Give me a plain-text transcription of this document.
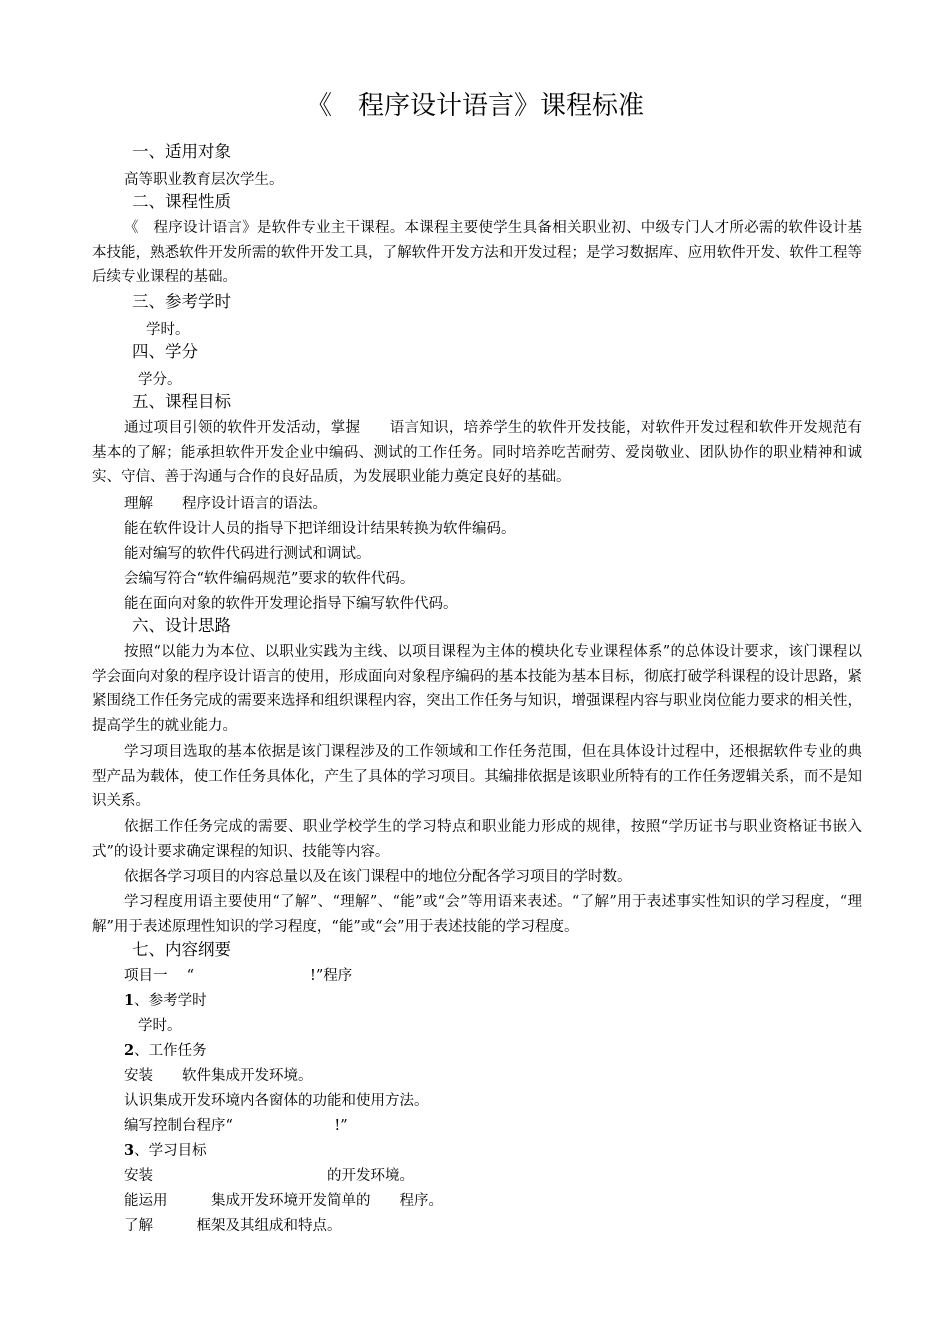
《　程序设计语言》课程标准
一、适用对象
高等职业教育层次学生。
二、课程性质
《　程序设计语言》是软件专业主干课程。本课程主要使学生具备相关职业初、中级专门人才所必需的软件设计基本技能，熟悉软件开发所需的软件开发工具，了解软件开发方法和开发过程；是学习数据库、应用软件开发、软件工程等后续专业课程的基础。
三、参考学时
学时。
四、学分
学分。
五、课程目标
通过项目引领的软件开发活动，掌握　　语言知识，培养学生的软件开发技能，对软件开发过程和软件开发规范有基本的了解；能承担软件开发企业中编码、测试的工作任务。同时培养吃苦耐劳、爱岗敬业、团队协作的职业精神和诚实、守信、善于沟通与合作的良好品质，为发展职业能力奠定良好的基础。
理解　　程序设计语言的语法。
能在软件设计人员的指导下把详细设计结果转换为软件编码。
能对编写的软件代码进行测试和调试。
会编写符合“软件编码规范”要求的软件代码。
能在面向对象的软件开发理论指导下编写软件代码。
六、设计思路
按照“以能力为本位、以职业实践为主线、以项目课程为主体的模块化专业课程体系”的总体设计要求，该门课程以学会面向对象的程序设计语言的使用，形成面向对象程序编码的基本技能为基本目标，彻底打破学科课程的设计思路，紧紧围绕工作任务完成的需要来选择和组织课程内容，突出工作任务与知识，增强课程内容与职业岗位能力要求的相关性，提高学生的就业能力。
学习项目选取的基本依据是该门课程涉及的工作领域和工作任务范围，但在具体设计过程中，还根据软件专业的典型产品为载体，使工作任务具体化，产生了具体的学习项目。其编排依据是该职业所特有的工作任务逻辑关系，而不是知识关系。
依据工作任务完成的需要、职业学校学生的学习特点和职业能力形成的规律，按照“学历证书与职业资格证书嵌入式”的设计要求确定课程的知识、技能等内容。
依据各学习项目的内容总量以及在该门课程中的地位分配各学习项目的学时数。
学习程度用语主要使用“了解”、“理解”、“能”或“会”等用语来表述。“了解”用于表述事实性知识的学习程度，“理解”用于表述原理性知识的学习程度，“能”或“会”用于表述技能的学习程度。
七、内容纲要
项目一　 “　　　　　　　　!”程序
1、参考学时
学时。
2、工作任务
安装　　软件集成开发环境。
认识集成开发环境内各窗体的功能和使用方法。
编写控制台程序“　　　　　　　!”
3、学习目标
安装　　　　　　　　　　　　的开发环境。
能运用　　　集成开发环境开发简单的　　程序。
了解　　　框架及其组成和特点。
